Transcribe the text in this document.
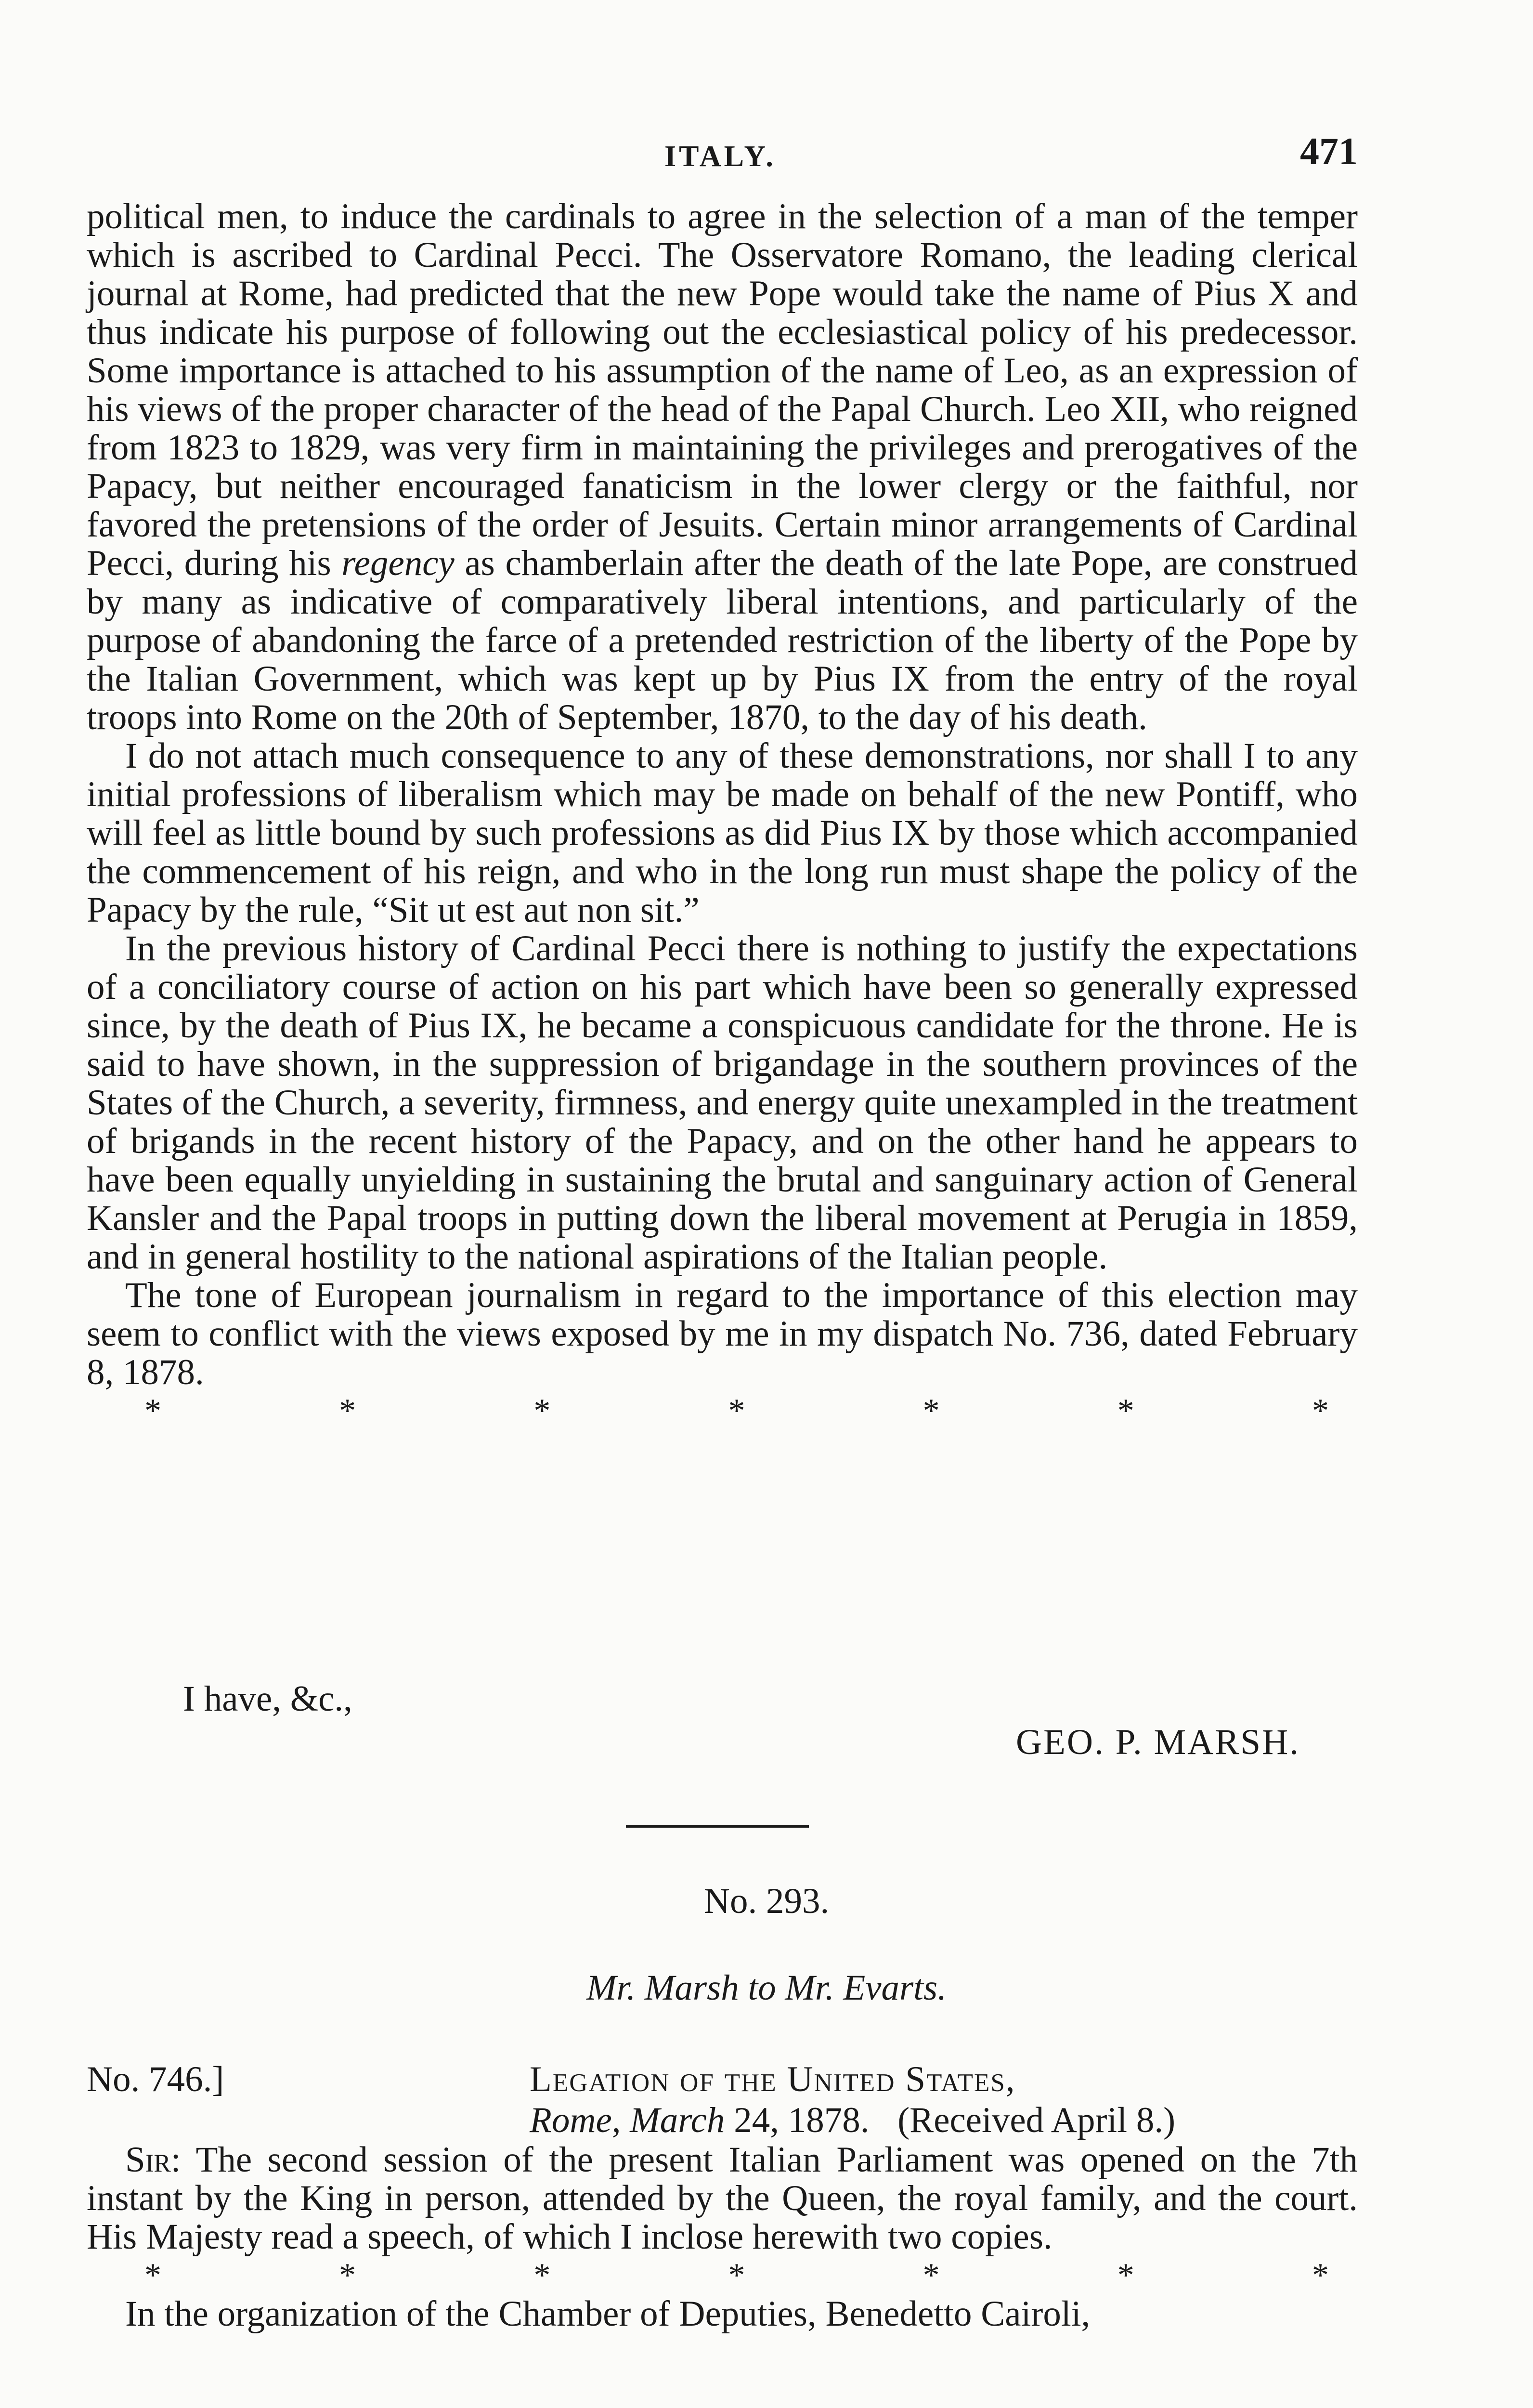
ITALY.	471

political men, to induce the cardinals to agree in the selection of a man of the temper which is ascribed to Cardinal Pecci. The Osservatore Romano, the leading clerical journal at Rome, had predicted that the new Pope would take the name of Pius X and thus indicate his purpose of following out the ecclesiastical policy of his predecessor. Some importance is attached to his assumption of the name of Leo, as an expression of his views of the proper character of the head of the Papal Church. Leo XII, who reigned from 1823 to 1829, was very firm in maintaining the privileges and prerogatives of the Papacy, but neither encouraged fanaticism in the lower clergy or the faithful, nor favored the pretensions of the order of Jesuits. Certain minor arrangements of Cardinal Pecci, during his regency as chamberlain after the death of the late Pope, are construed by many as indicative of comparatively liberal intentions, and particularly of the purpose of abandoning the farce of a pretended restriction of the liberty of the Pope by the Italian Government, which was kept up by Pius IX from the entry of the royal troops into Rome on the 20th of September, 1870, to the day of his death.

I do not attach much consequence to any of these demonstrations, nor shall I to any initial professions of liberalism which may be made on behalf of the new Pontiff, who will feel as little bound by such professions as did Pius IX by those which accompanied the commencement of his reign, and who in the long run must shape the policy of the Papacy by the rule, “Sit ut est aut non sit.”

In the previous history of Cardinal Pecci there is nothing to justify the expectations of a conciliatory course of action on his part which have been so generally expressed since, by the death of Pius IX, he became a conspicuous candidate for the throne. He is said to have shown, in the suppression of brigandage in the southern provinces of the States of the Church, a severity, firmness, and energy quite unexampled in the treatment of brigands in the recent history of the Papacy, and on the other hand he appears to have been equally unyielding in sustaining the brutal and sanguinary action of General Kansler and the Papal troops in putting down the liberal movement at Perugia in 1859, and in general hostility to the national aspirations of the Italian people.

The tone of European journalism in regard to the importance of this election may seem to conflict with the views exposed by me in my dispatch No. 736, dated February 8, 1878.

*	*	*	*	*	*	*
I have, &c.,
GEO. P. MARSH.
No. 293.
Mr. Marsh to Mr. Evarts.
No. 746.]	Legation of the United States,
Rome, March 24, 1878. (Received April 8.)

Sir: The second session of the present Italian Parliament was opened on the 7th instant by the King in person, attended by the Queen, the royal family, and the court. His Majesty read a speech, of which I inclose herewith two copies.

*	*	*	*	*	*	*

In the organization of the Chamber of Deputies, Benedetto Cairoli,
